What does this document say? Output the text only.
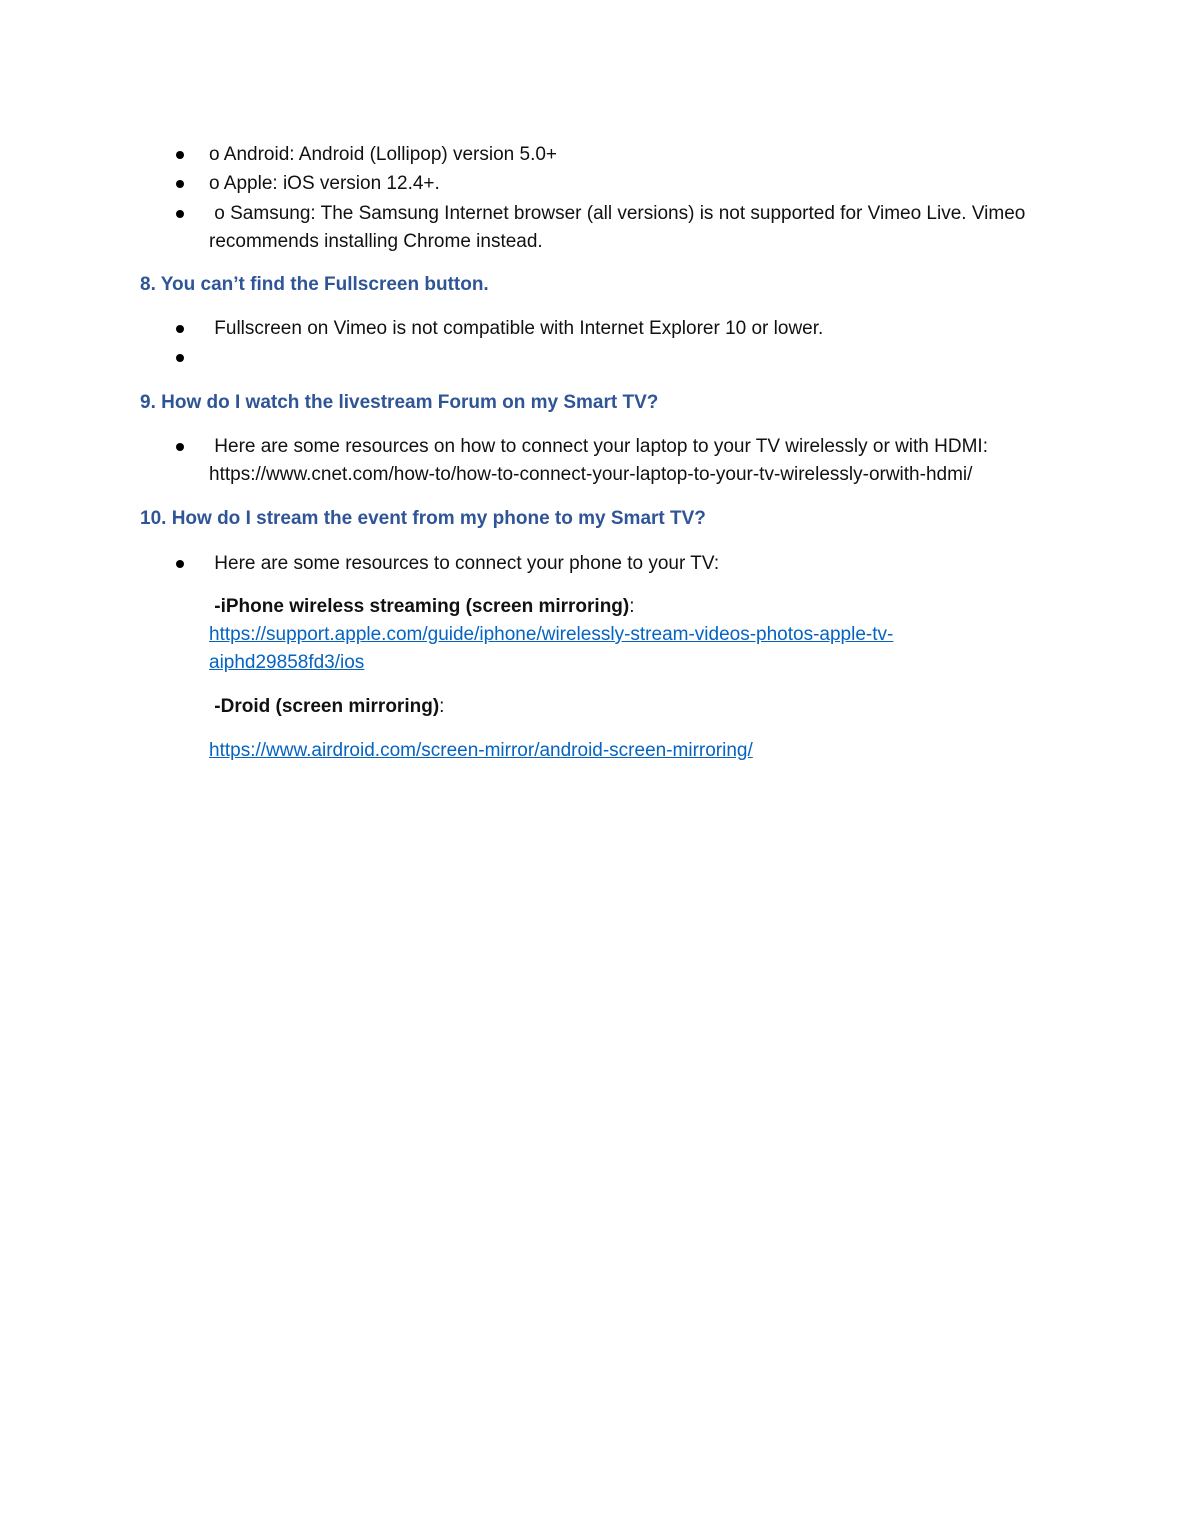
o Android: Android (Lollipop) version 5.0+
o Apple: iOS version 12.4+.
o Samsung: The Samsung Internet browser (all versions) is not supported for Vimeo Live. Vimeo recommends installing Chrome instead.
8. You can’t find the Fullscreen button.
Fullscreen on Vimeo is not compatible with Internet Explorer 10 or lower.
9. How do I watch the livestream Forum on my Smart TV?
Here are some resources on how to connect your laptop to your TV wirelessly or with HDMI: https://www.cnet.com/how-to/how-to-connect-your-laptop-to-your-tv-wirelessly-orwith-hdmi/
10. How do I stream the event from my phone to my Smart TV?
Here are some resources to connect your phone to your TV:
-iPhone wireless streaming (screen mirroring):
https://support.apple.com/guide/iphone/wirelessly-stream-videos-photos-apple-tv-
aiphd29858fd3/ios
-Droid (screen mirroring):
https://www.airdroid.com/screen-mirror/android-screen-mirroring/
